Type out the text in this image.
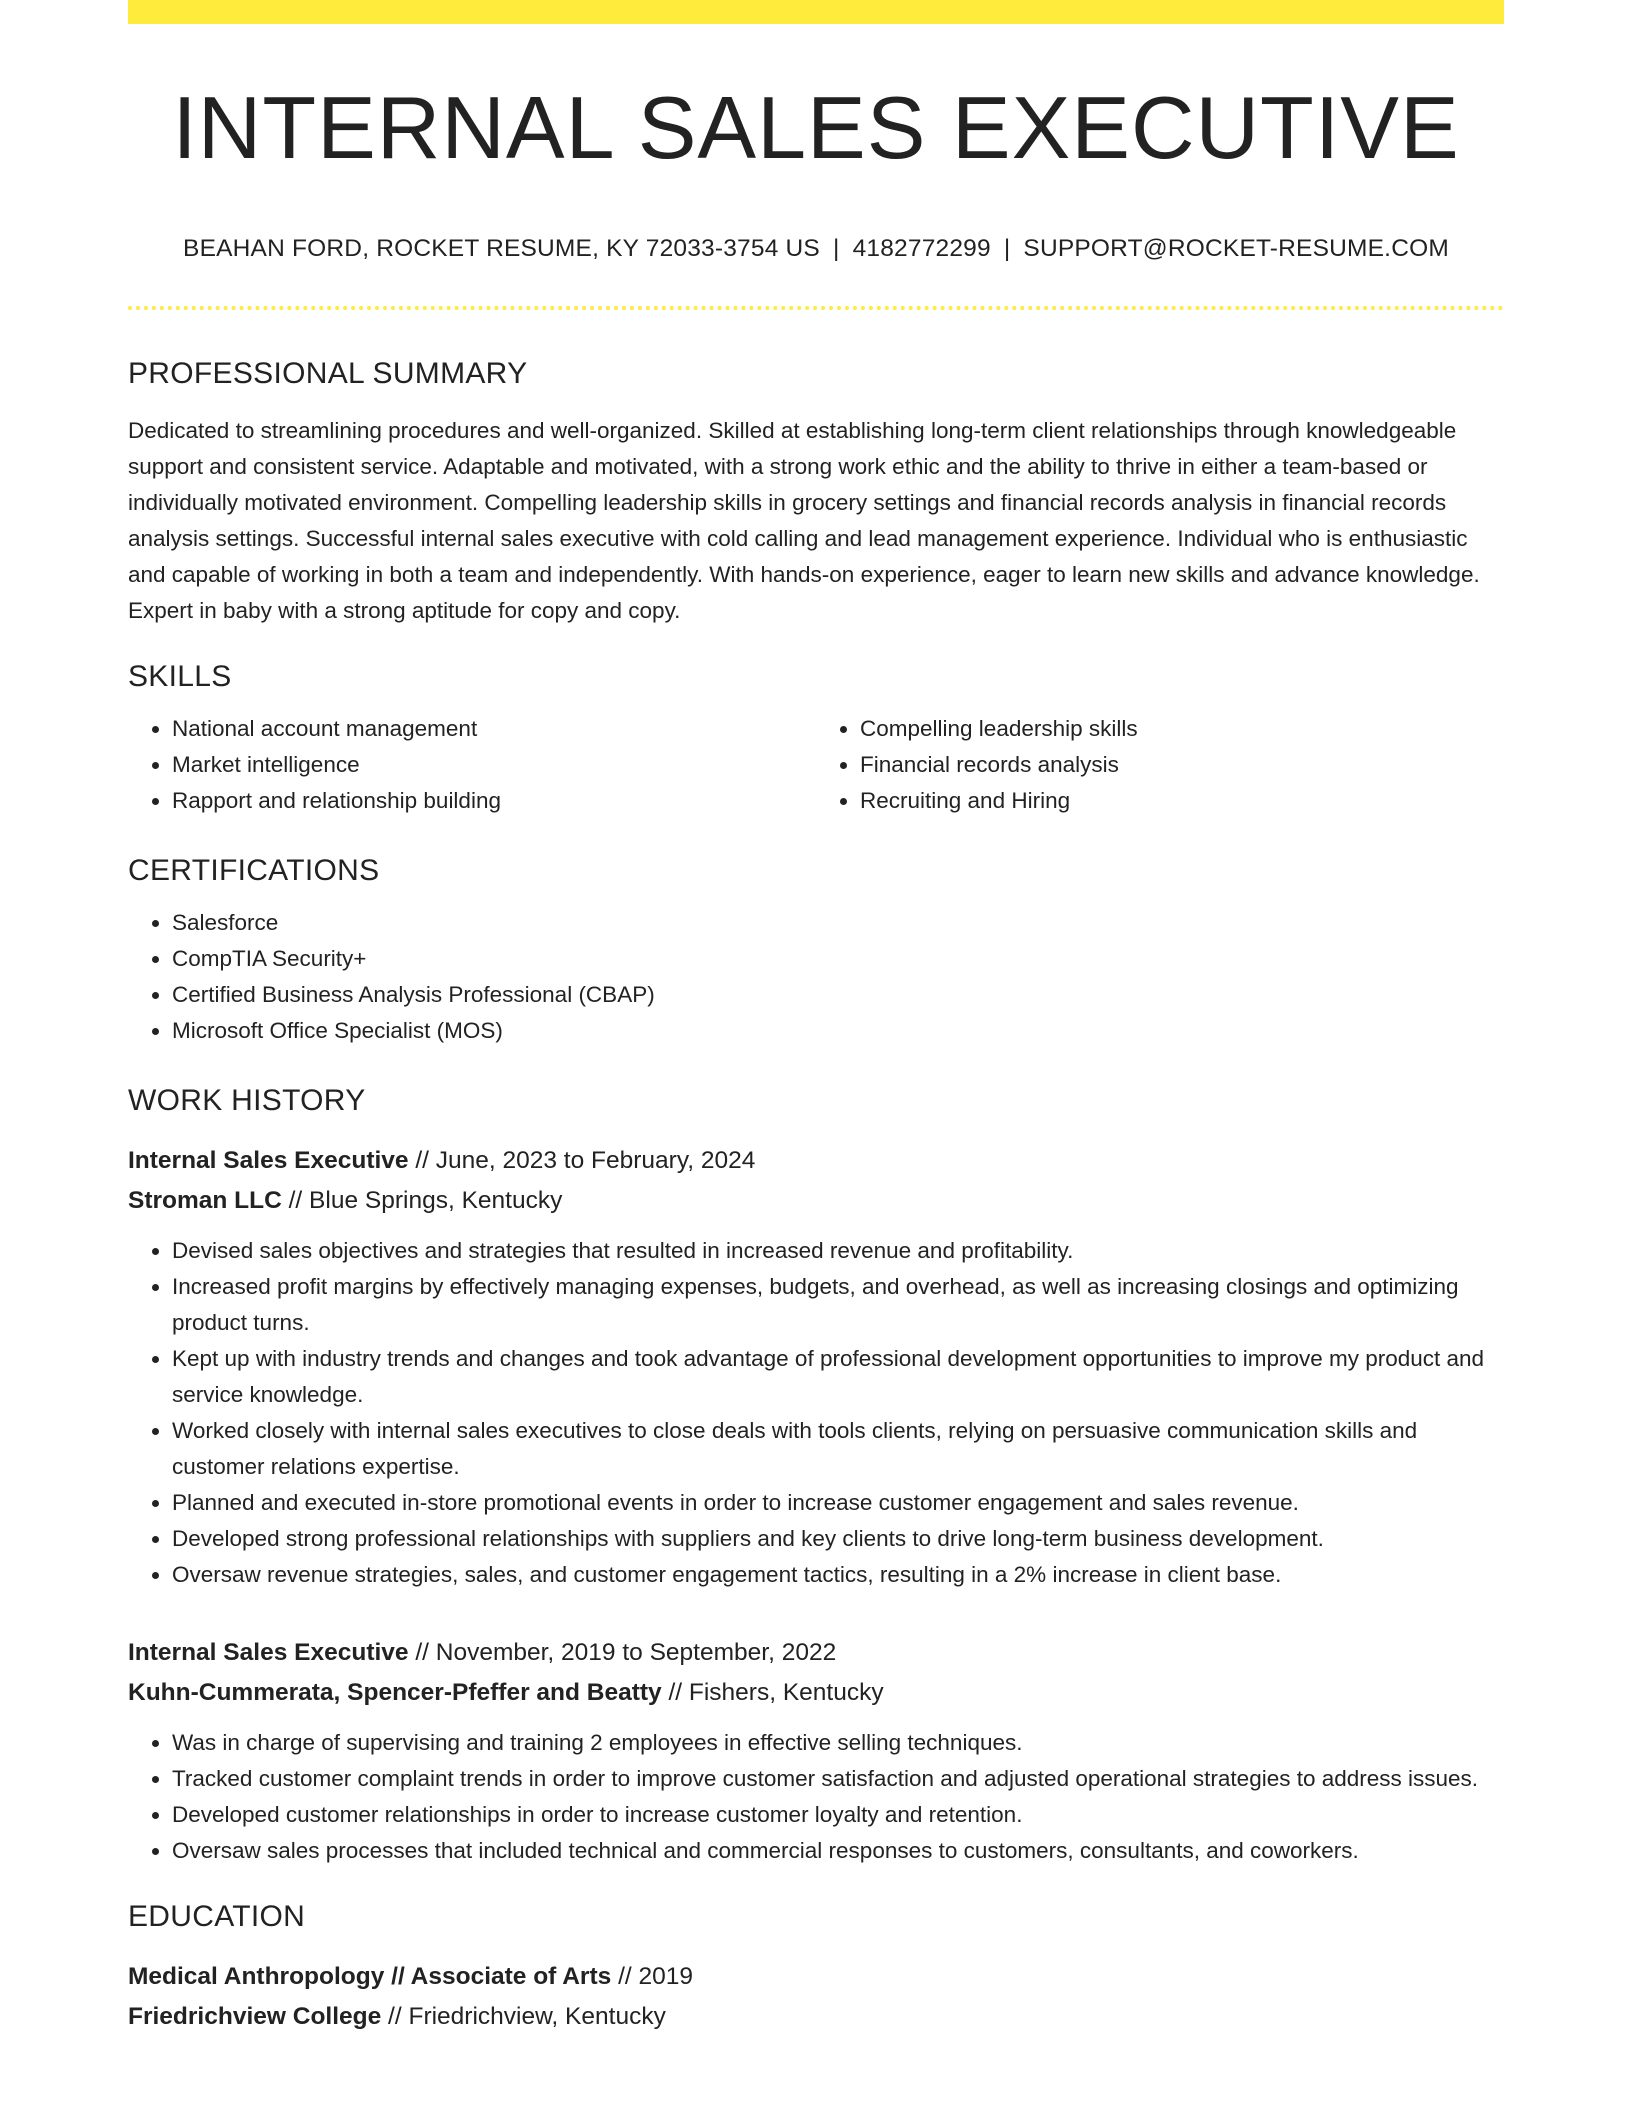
INTERNAL SALES EXECUTIVE
BEAHAN FORD, ROCKET RESUME, KY 72033-3754 US | 4182772299 | SUPPORT@ROCKET-RESUME.COM
PROFESSIONAL SUMMARY

Dedicated to streamlining procedures and well-organized. Skilled at establishing long-term client relationships through knowledgeable support and consistent service. Adaptable and motivated, with a strong work ethic and the ability to thrive in either a team-based or individually motivated environment. Compelling leadership skills in grocery settings and financial records analysis in financial records analysis settings. Successful internal sales executive with cold calling and lead management experience. Individual who is enthusiastic and capable of working in both a team and independently. With hands-on experience, eager to learn new skills and advance knowledge. Expert in baby with a strong aptitude for copy and copy.

SKILLS
• National account management
• Market intelligence
• Rapport and relationship building
• Compelling leadership skills
• Financial records analysis
• Recruiting and Hiring
CERTIFICATIONS
• Salesforce
• CompTIA Security+
• Certified Business Analysis Professional (CBAP)
• Microsoft Office Specialist (MOS)
WORK HISTORY
Internal Sales Executive // June, 2023 to February, 2024
Stroman LLC // Blue Springs, Kentucky
• Devised sales objectives and strategies that resulted in increased revenue and profitability.
• Increased profit margins by effectively managing expenses, budgets, and overhead, as well as increasing closings and optimizing product turns.
• Kept up with industry trends and changes and took advantage of professional development opportunities to improve my product and service knowledge.
• Worked closely with internal sales executives to close deals with tools clients, relying on persuasive communication skills and customer relations expertise.
• Planned and executed in-store promotional events in order to increase customer engagement and sales revenue.
• Developed strong professional relationships with suppliers and key clients to drive long-term business development.
• Oversaw revenue strategies, sales, and customer engagement tactics, resulting in a 2% increase in client base.
Internal Sales Executive // November, 2019 to September, 2022
Kuhn-Cummerata, Spencer-Pfeffer and Beatty // Fishers, Kentucky
• Was in charge of supervising and training 2 employees in effective selling techniques.
• Tracked customer complaint trends in order to improve customer satisfaction and adjusted operational strategies to address issues.
• Developed customer relationships in order to increase customer loyalty and retention.
• Oversaw sales processes that included technical and commercial responses to customers, consultants, and coworkers.
EDUCATION
Medical Anthropology // Associate of Arts // 2019
Friedrichview College // Friedrichview, Kentucky
